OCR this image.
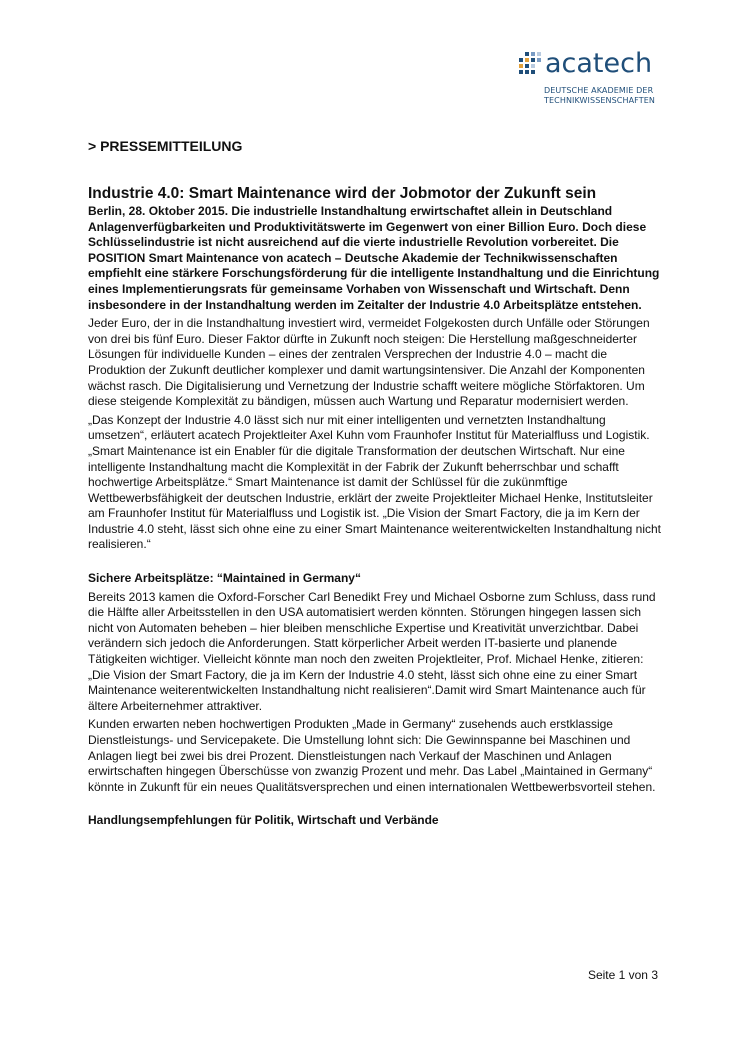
acatech
DEUTSCHE AKADEMIE DER
TECHNIKWISSENSCHAFTEN
> PRESSEMITTEILUNG
Industrie 4.0: Smart Maintenance wird der Jobmotor der Zukunft sein

Berlin, 28. Oktober 2015. Die industrielle Instandhaltung erwirtschaftet allein in Deutschland Anlagenverfügbarkeiten und Produktivitätswerte im Gegenwert von einer Billion Euro. Doch diese Schlüsselindustrie ist nicht ausreichend auf die vierte industrielle Revolution vorbereitet. Die POSITION Smart Maintenance von acatech – Deutsche Akademie der Technikwissenschaften empfiehlt eine stärkere Forschungsförderung für die intelligente Instandhaltung und die Einrichtung eines Implementierungsrats für gemeinsame Vorhaben von Wissenschaft und Wirtschaft. Denn insbesondere in der Instandhaltung werden im Zeitalter der Industrie 4.0 Arbeitsplätze entstehen.

Jeder Euro, der in die Instandhaltung investiert wird, vermeidet Folgekosten durch Unfälle oder Störungen von drei bis fünf Euro. Dieser Faktor dürfte in Zukunft noch steigen: Die Herstellung maßgeschneiderter Lösungen für individuelle Kunden – eines der zentralen Versprechen der Industrie 4.0 – macht die Produktion der Zukunft deutlicher komplexer und damit wartungsintensiver. Die Anzahl der Komponenten wächst rasch. Die Digitalisierung und Vernetzung der Industrie schafft weitere mögliche Störfaktoren. Um diese steigende Komplexität zu bändigen, müssen auch Wartung und Reparatur modernisiert werden.

„Das Konzept der Industrie 4.0 lässt sich nur mit einer intelligenten und vernetzten Instandhaltung umsetzen“, erläutert acatech Projektleiter Axel Kuhn vom Fraunhofer Institut für Materialfluss und Logistik. „Smart Maintenance ist ein Enabler für die digitale Transformation der deutschen Wirtschaft. Nur eine intelligente Instandhaltung macht die Komplexität in der Fabrik der Zukunft beherrschbar und schafft hochwertige Arbeitsplätze.“ Smart Maintenance ist damit der Schlüssel für die zukünmftige Wettbewerbsfähigkeit der deutschen Industrie, erklärt der zweite Projektleiter Michael Henke, Institutsleiter am Fraunhofer Institut für Materialfluss und Logistik ist. „Die Vision der Smart Factory, die ja im Kern der Industrie 4.0 steht, lässt sich ohne eine zu einer Smart Maintenance weiterentwickelten Instandhaltung nicht realisieren.“

Sichere Arbeitsplätze: “Maintained in Germany“

Bereits 2013 kamen die Oxford-Forscher Carl Benedikt Frey und Michael Osborne zum Schluss, dass rund die Hälfte aller Arbeitsstellen in den USA automatisiert werden könnten. Störungen hingegen lassen sich nicht von Automaten beheben – hier bleiben menschliche Expertise und Kreativität unverzichtbar. Dabei verändern sich jedoch die Anforderungen. Statt körperlicher Arbeit werden IT-basierte und planende Tätigkeiten wichtiger. Vielleicht könnte man noch den zweiten Projektleiter, Prof. Michael Henke, zitieren: „Die Vision der Smart Factory, die ja im Kern der Industrie 4.0 steht, lässt sich ohne eine zu einer Smart Maintenance weiterentwickelten Instandhaltung nicht realisieren“.Damit wird Smart Maintenance auch für ältere Arbeiternehmer attraktiver.

Kunden erwarten neben hochwertigen Produkten „Made in Germany“ zusehends auch erstklassige Dienstleistungs- und Servicepakete. Die Umstellung lohnt sich: Die Gewinnspanne bei Maschinen und Anlagen liegt bei zwei bis drei Prozent. Dienstleistungen nach Verkauf der Maschinen und Anlagen erwirtschaften hingegen Überschüsse von zwanzig Prozent und mehr. Das Label „Maintained in Germany“ könnte in Zukunft für ein neues Qualitätsversprechen und einen internationalen Wettbewerbsvorteil stehen.

Handlungsempfehlungen für Politik, Wirtschaft und Verbände
Seite 1 von 3
